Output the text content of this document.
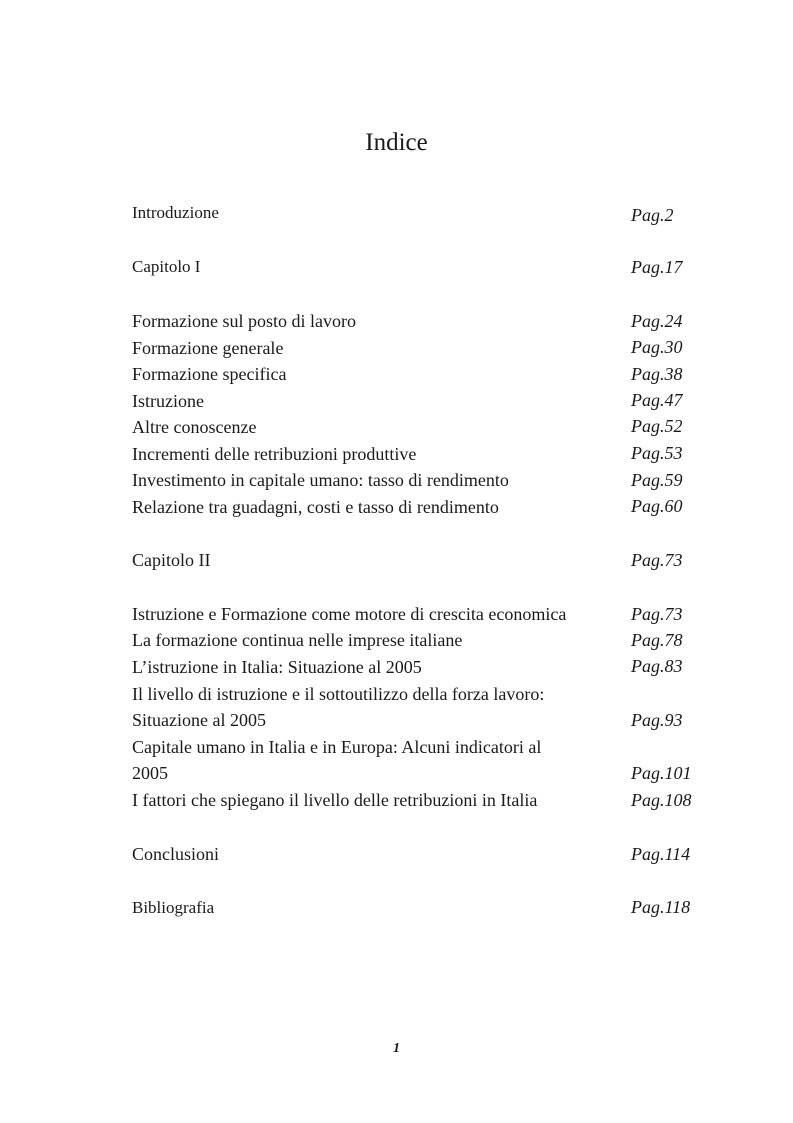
Indice
Introduzione	Pag.2
Capitolo I	Pag.17
Formazione sul posto di lavoro	Pag.24
Formazione generale	Pag.30
Formazione specifica	Pag.38
Istruzione	Pag.47
Altre conoscenze	Pag.52
Incrementi delle retribuzioni produttive	Pag.53
Investimento in capitale umano: tasso di rendimento	Pag.59
Relazione tra guadagni, costi e tasso di rendimento	Pag.60
Capitolo II	Pag.73
Istruzione e Formazione come motore di crescita economica	Pag.73
La formazione continua nelle imprese italiane	Pag.78
L’istruzione in Italia: Situazione al 2005	Pag.83
Il livello di istruzione e il sottoutilizzo della forza lavoro:
Situazione al 2005	Pag.93
Capitale umano in Italia e in Europa: Alcuni indicatori al
2005	Pag.101
I fattori che spiegano il livello delle retribuzioni in Italia	Pag.108
Conclusioni	Pag.114
Bibliografia	Pag.118
1
